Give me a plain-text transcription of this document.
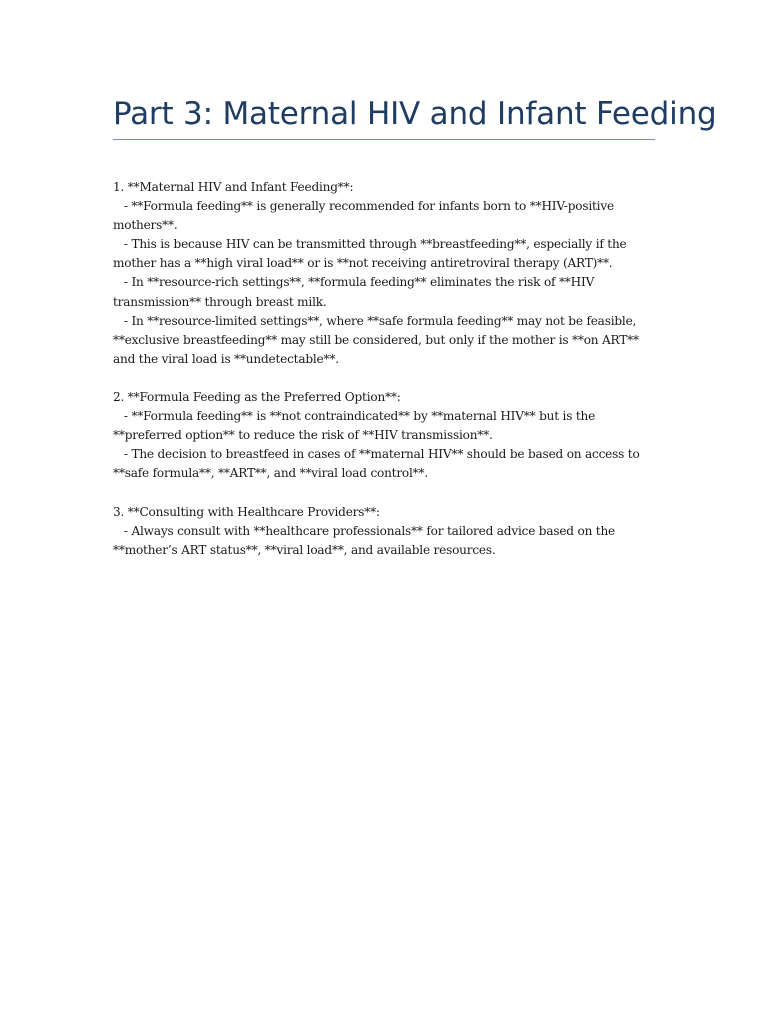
Part 3: Maternal HIV and Infant Feeding
1. **Maternal HIV and Infant Feeding**:
- **Formula feeding** is generally recommended for infants born to **HIV-positive
mothers**.
- This is because HIV can be transmitted through **breastfeeding**, especially if the
mother has a **high viral load** or is **not receiving antiretroviral therapy (ART)**.
- In **resource-rich settings**, **formula feeding** eliminates the risk of **HIV
transmission** through breast milk.
- In **resource-limited settings**, where **safe formula feeding** may not be feasible,
**exclusive breastfeeding** may still be considered, but only if the mother is **on ART**
and the viral load is **undetectable**.
2. **Formula Feeding as the Preferred Option**:
- **Formula feeding** is **not contraindicated** by **maternal HIV** but is the
**preferred option** to reduce the risk of **HIV transmission**.
- The decision to breastfeed in cases of **maternal HIV** should be based on access to
**safe formula**, **ART**, and **viral load control**.
3. **Consulting with Healthcare Providers**:
- Always consult with **healthcare professionals** for tailored advice based on the
**mother’s ART status**, **viral load**, and available resources.
